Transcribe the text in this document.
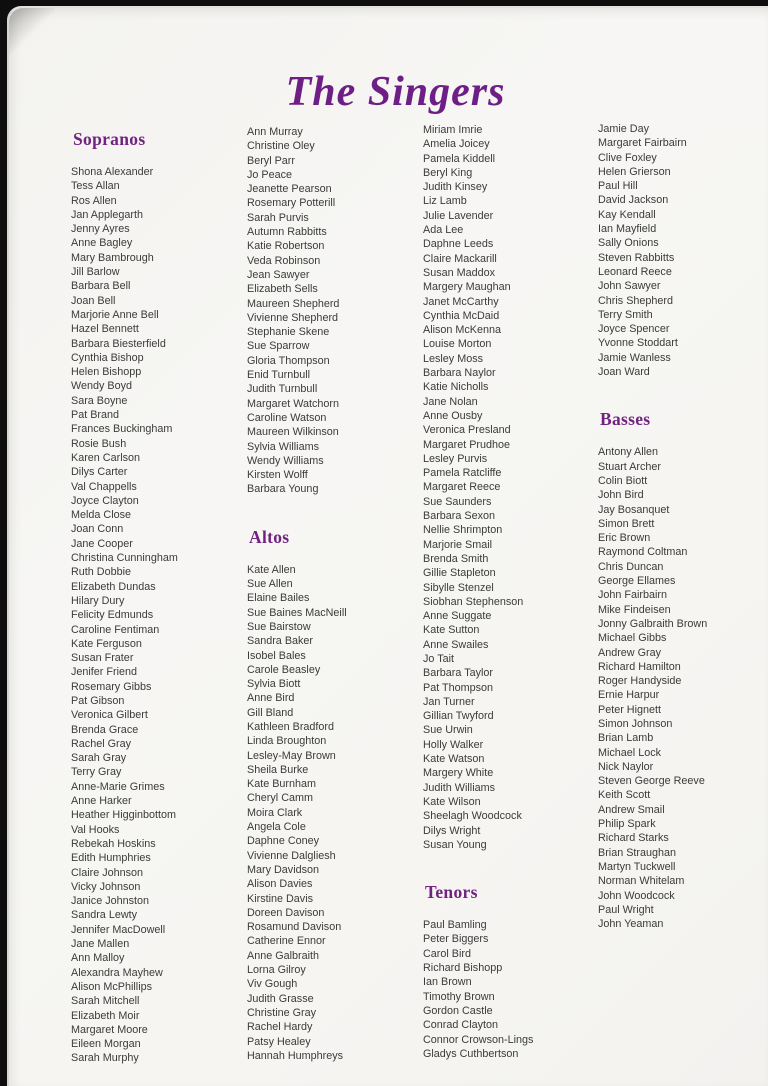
The Singers
Sopranos
Shona Alexander
Tess Allan
Ros Allen
Jan Applegarth
Jenny Ayres
Anne Bagley
Mary Bambrough
Jill Barlow
Barbara Bell
Joan Bell
Marjorie Anne Bell
Hazel Bennett
Barbara Biesterfield
Cynthia Bishop
Helen Bishopp
Wendy Boyd
Sara Boyne
Pat Brand
Frances Buckingham
Rosie Bush
Karen Carlson
Dilys Carter
Val Chappells
Joyce Clayton
Melda Close
Joan Conn
Jane Cooper
Christina Cunningham
Ruth Dobbie
Elizabeth Dundas
Hilary Dury
Felicity Edmunds
Caroline Fentiman
Kate Ferguson
Susan Frater
Jenifer Friend
Rosemary Gibbs
Pat Gibson
Veronica Gilbert
Brenda Grace
Rachel Gray
Sarah Gray
Terry Gray
Anne-Marie Grimes
Anne Harker
Heather Higginbottom
Val Hooks
Rebekah Hoskins
Edith Humphries
Claire Johnson
Vicky Johnson
Janice Johnston
Sandra Lewty
Jennifer MacDowell
Jane Mallen
Ann Malloy
Alexandra Mayhew
Alison McPhillips
Sarah Mitchell
Elizabeth Moir
Margaret Moore
Eileen Morgan
Sarah Murphy
Ann Murray
Christine Oley
Beryl Parr
Jo Peace
Jeanette Pearson
Rosemary Potterill
Sarah Purvis
Autumn Rabbitts
Katie Robertson
Veda Robinson
Jean Sawyer
Elizabeth Sells
Maureen Shepherd
Vivienne Shepherd
Stephanie Skene
Sue Sparrow
Gloria Thompson
Enid Turnbull
Judith Turnbull
Margaret Watchorn
Caroline Watson
Maureen Wilkinson
Sylvia Williams
Wendy Williams
Kirsten Wolff
Barbara Young
Altos
Kate Allen
Sue Allen
Elaine Bailes
Sue Baines MacNeill
Sue Bairstow
Sandra Baker
Isobel Bales
Carole Beasley
Sylvia Biott
Anne Bird
Gill Bland
Kathleen Bradford
Linda Broughton
Lesley-May Brown
Sheila Burke
Kate Burnham
Cheryl Camm
Moira Clark
Angela Cole
Daphne Coney
Vivienne Dalgliesh
Mary Davidson
Alison Davies
Kirstine Davis
Doreen Davison
Rosamund Davison
Catherine Ennor
Anne Galbraith
Lorna Gilroy
Viv Gough
Judith Grasse
Christine Gray
Rachel Hardy
Patsy Healey
Hannah Humphreys
Miriam Imrie
Amelia Joicey
Pamela Kiddell
Beryl King
Judith Kinsey
Liz Lamb
Julie Lavender
Ada Lee
Daphne Leeds
Claire Mackarill
Susan Maddox
Margery Maughan
Janet McCarthy
Cynthia McDaid
Alison McKenna
Louise Morton
Lesley Moss
Barbara Naylor
Katie Nicholls
Jane Nolan
Anne Ousby
Veronica Presland
Margaret Prudhoe
Lesley Purvis
Pamela Ratcliffe
Margaret Reece
Sue Saunders
Barbara Sexon
Nellie Shrimpton
Marjorie Smail
Brenda Smith
Gillie Stapleton
Sibylle Stenzel
Siobhan Stephenson
Anne Suggate
Kate Sutton
Anne Swailes
Jo Tait
Barbara Taylor
Pat Thompson
Jan Turner
Gillian Twyford
Sue Urwin
Holly Walker
Kate Watson
Margery White
Judith Williams
Kate Wilson
Sheelagh Woodcock
Dilys Wright
Susan Young
Tenors
Paul Bamling
Peter Biggers
Carol Bird
Richard Bishopp
Ian Brown
Timothy Brown
Gordon Castle
Conrad Clayton
Connor Crowson-Lings
Gladys Cuthbertson
Jamie Day
Margaret Fairbairn
Clive Foxley
Helen Grierson
Paul Hill
David Jackson
Kay Kendall
Ian Mayfield
Sally Onions
Steven Rabbitts
Leonard Reece
John Sawyer
Chris Shepherd
Terry Smith
Joyce Spencer
Yvonne Stoddart
Jamie Wanless
Joan Ward
Basses
Antony Allen
Stuart Archer
Colin Biott
John Bird
Jay Bosanquet
Simon Brett
Eric Brown
Raymond Coltman
Chris Duncan
George Ellames
John Fairbairn
Mike Findeisen
Jonny Galbraith Brown
Michael Gibbs
Andrew Gray
Richard Hamilton
Roger Handyside
Ernie Harpur
Peter Hignett
Simon Johnson
Brian Lamb
Michael Lock
Nick Naylor
Steven George Reeve
Keith Scott
Andrew Smail
Philip Spark
Richard Starks
Brian Straughan
Martyn Tuckwell
Norman Whitelam
John Woodcock
Paul Wright
John Yeaman
